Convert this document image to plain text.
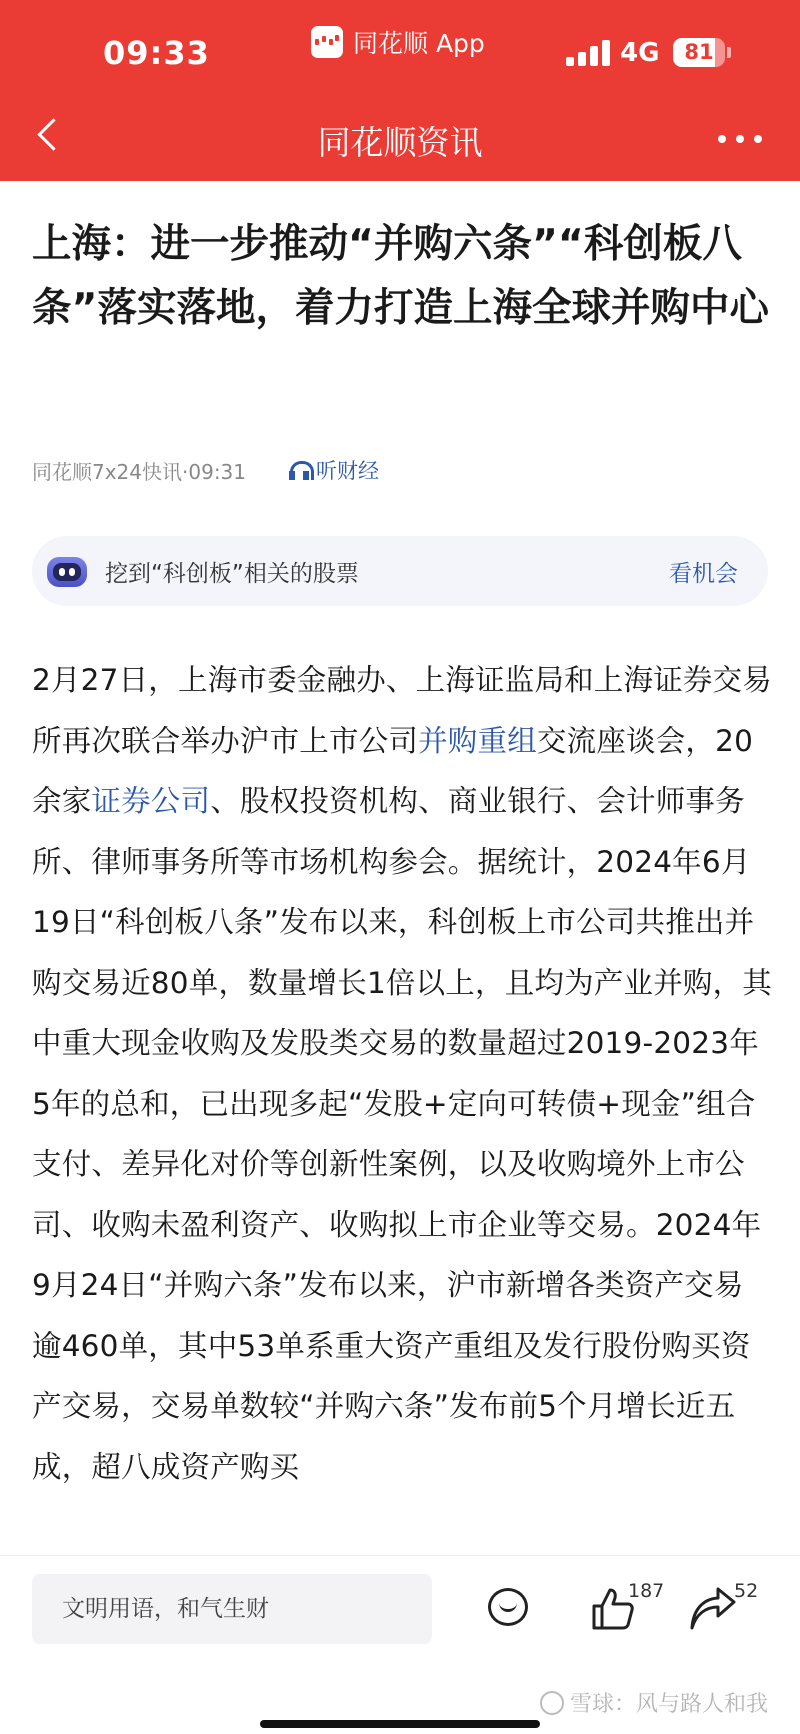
09:33	同花顺 App	4G	81
同花顺资讯
上海：进一步推动“并购六条”“科创板八条”落实落地，着力打造上海全球并购中心
同花顺7x24快讯·09:31	听财经
挖到“科创板”相关的股票	看机会
2月27日，上海市委金融办、上海证监局和上海证券交易所再次联合举办沪市上市公司并购重组交流座谈会，20余家证券公司、股权投资机构、商业银行、会计师事务所、律师事务所等市场机构参会。据统计，2024年6月19日“科创板八条”发布以来，科创板上市公司共推出并购交易近80单，数量增长1倍以上，且均为产业并购，其中重大现金收购及发股类交易的数量超过2019-2023年5年的总和，已出现多起“发股+定向可转债+现金”组合支付、差异化对价等创新性案例，以及收购境外上市公司、收购未盈利资产、收购拟上市企业等交易。2024年9月24日“并购六条”发布以来，沪市新增各类资产交易逾460单，其中53单系重大资产重组及发行股份购买资产交易，交易单数较“并购六条”发布前5个月增长近五成，超八成资产购买
文明用语，和气生财
187	52
雪球：风与路人和我
